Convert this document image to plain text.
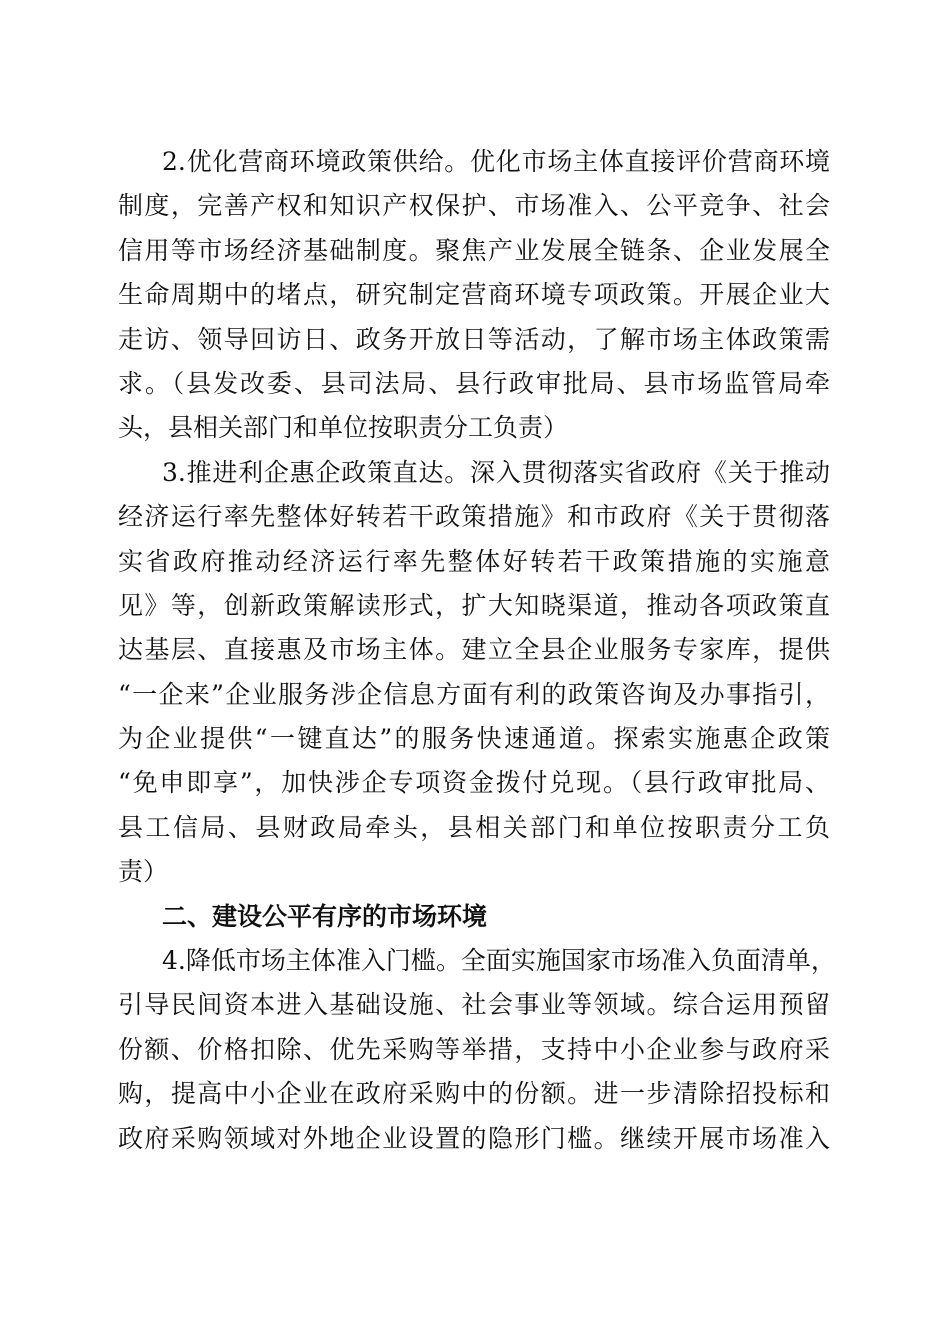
2.优化营商环境政策供给。优化市场主体直接评价营商环境
制度，完善产权和知识产权保护、市场准入、公平竞争、社会
信用等市场经济基础制度。聚焦产业发展全链条、企业发展全
生命周期中的堵点，研究制定营商环境专项政策。开展企业大
走访、领导回访日、政务开放日等活动，了解市场主体政策需
求。（县发改委、县司法局、县行政审批局、县市场监管局牵
头，县相关部门和单位按职责分工负责）
3.推进利企惠企政策直达。深入贯彻落实省政府《关于推动
经济运行率先整体好转若干政策措施》和市政府《关于贯彻落
实省政府推动经济运行率先整体好转若干政策措施的实施意
见》等，创新政策解读形式，扩大知晓渠道，推动各项政策直
达基层、直接惠及市场主体。建立全县企业服务专家库，提供
“一企来”企业服务涉企信息方面有利的政策咨询及办事指引，
为企业提供“一键直达”的服务快速通道。探索实施惠企政策
“免申即享”，加快涉企专项资金拨付兑现。（县行政审批局、
县工信局、县财政局牵头，县相关部门和单位按职责分工负
责）
二、建设公平有序的市场环境
4.降低市场主体准入门槛。全面实施国家市场准入负面清单，
引导民间资本进入基础设施、社会事业等领域。综合运用预留
份额、价格扣除、优先采购等举措，支持中小企业参与政府采
购，提高中小企业在政府采购中的份额。进一步清除招投标和
政府采购领域对外地企业设置的隐形门槛。继续开展市场准入
